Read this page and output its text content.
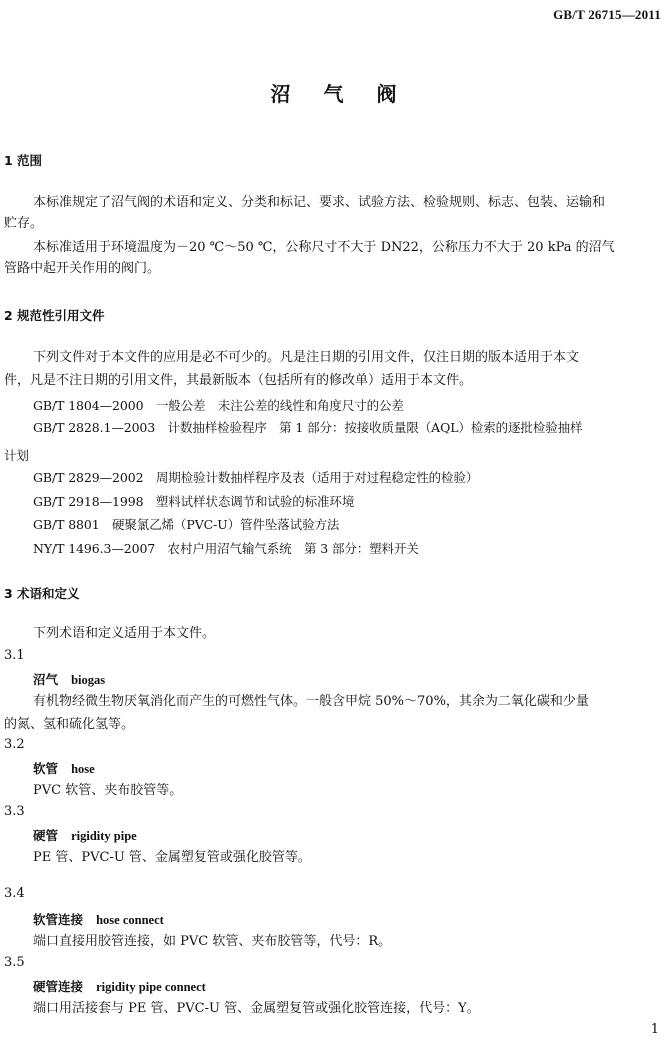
GB/T 26715—2011
沼 气 阀
1 范围
本标准规定了沼气阀的术语和定义、分类和标记、要求、试验方法、检验规则、标志、包装、运输和
贮存。
本标准适用于环境温度为－20 ℃～50 ℃，公称尺寸不大于 DN22，公称压力不大于 20 kPa 的沼气
管路中起开关作用的阀门。
2 规范性引用文件
下列文件对于本文件的应用是必不可少的。凡是注日期的引用文件，仅注日期的版本适用于本文
件，凡是不注日期的引用文件，其最新版本（包括所有的修改单）适用于本文件。
GB/T 1804—2000　一般公差　未注公差的线性和角度尺寸的公差
GB/T 2828.1—2003　计数抽样检验程序　第 1 部分：按接收质量限（AQL）检索的逐批检验抽样
计划
GB/T 2829—2002　周期检验计数抽样程序及表（适用于对过程稳定性的检验）
GB/T 2918—1998　塑料试样状态调节和试验的标准环境
GB/T 8801　硬聚氯乙烯（PVC-U）管件坠落试验方法
NY/T 1496.3—2007　农村户用沼气输气系统　第 3 部分：塑料开关
3 术语和定义
下列术语和定义适用于本文件。
3.1
沼气 biogas
有机物经微生物厌氧消化而产生的可燃性气体。一般含甲烷 50%～70%，其余为二氧化碳和少量
的氮、氢和硫化氢等。
3.2
软管 hose
PVC 软管、夹布胶管等。
3.3
硬管 rigidity pipe
PE 管、PVC-U 管、金属塑复管或强化胶管等。
3.4
软管连接 hose connect
端口直接用胶管连接，如 PVC 软管、夹布胶管等，代号：R。
3.5
硬管连接 rigidity pipe connect
端口用活接套与 PE 管、PVC-U 管、金属塑复管或强化胶管连接，代号：Y。
1
